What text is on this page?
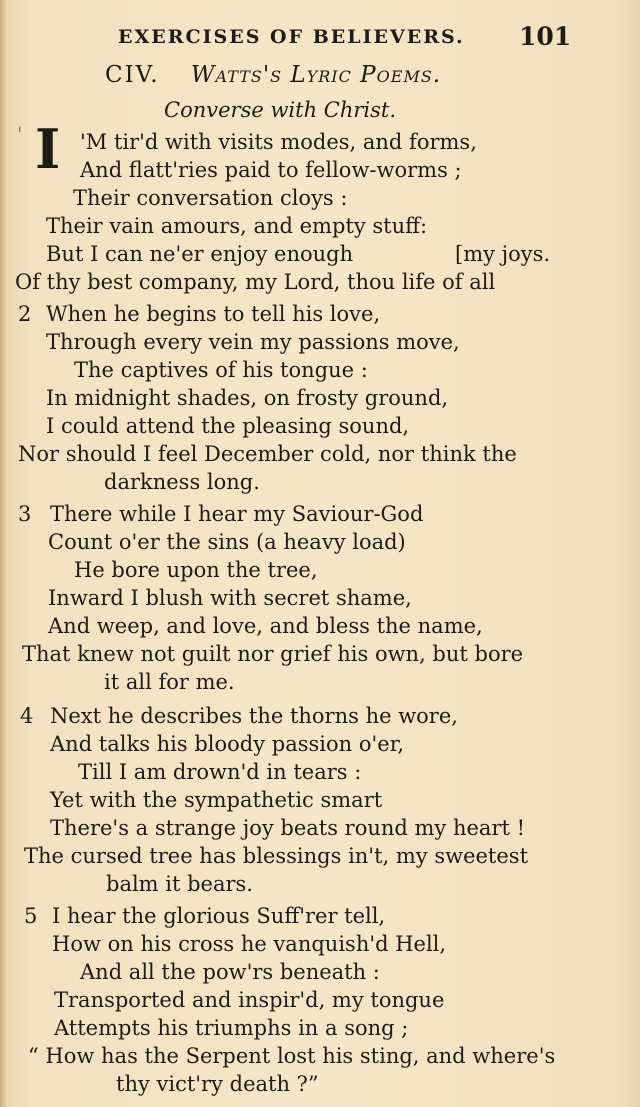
EXERCISES OF BELIEVERS. 101
CIV. Watts's Lyric Poems.
Converse with Christ.
' I 'M tir'd with visits modes, and forms,
And flatt'ries paid to fellow-worms ;
Their conversation cloys :
Their vain amours, and empty stuff:
But I can ne'er enjoy enough	[my joys.
Of thy best company, my Lord, thou life of all
2 When he begins to tell his love,
Through every vein my passions move,
The captives of his tongue :
In midnight shades, on frosty ground,
I could attend the pleasing sound,
Nor should I feel December cold, nor think the
darkness long.
3 There while I hear my Saviour-God
Count o'er the sins (a heavy load)
He bore upon the tree,
Inward I blush with secret shame,
And weep, and love, and bless the name,
That knew not guilt nor grief his own, but bore
it all for me.
4 Next he describes the thorns he wore,
And talks his bloody passion o'er,
Till I am drown'd in tears :
Yet with the sympathetic smart
There's a strange joy beats round my heart !
The cursed tree has blessings in't, my sweetest
balm it bears.
5 I hear the glorious Suff'rer tell,
How on his cross he vanquish'd Hell,
And all the pow'rs beneath :
Transported and inspir'd, my tongue
Attempts his triumphs in a song ;
“ How has the Serpent lost his sting, and where's
thy vict'ry death ?”
